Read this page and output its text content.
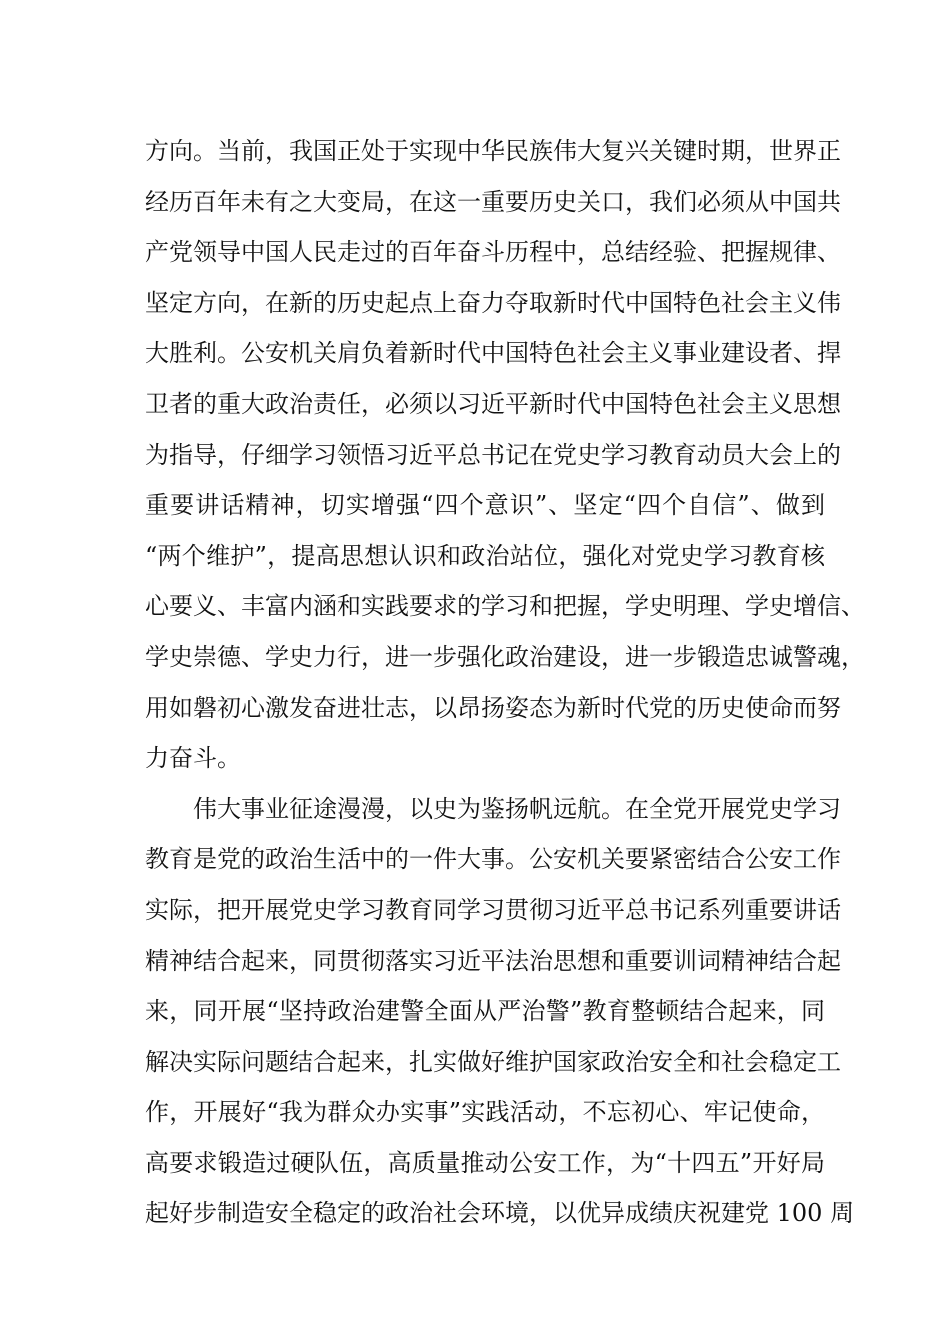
方向。当前，我国正处于实现中华民族伟大复兴关键时期，世界正
经历百年未有之大变局，在这一重要历史关口，我们必须从中国共
产党领导中国人民走过的百年奋斗历程中，总结经验、把握规律、
坚定方向，在新的历史起点上奋力夺取新时代中国特色社会主义伟
大胜利。公安机关肩负着新时代中国特色社会主义事业建设者、捍
卫者的重大政治责任，必须以习近平新时代中国特色社会主义思想
为指导，仔细学习领悟习近平总书记在党史学习教育动员大会上的
重要讲话精神，切实增强“四个意识”、坚定“四个自信”、做到
“两个维护”，提高思想认识和政治站位，强化对党史学习教育核
心要义、丰富内涵和实践要求的学习和把握，学史明理、学史增信、
学史崇德、学史力行，进一步强化政治建设，进一步锻造忠诚警魂，
用如磐初心激发奋进壮志，以昂扬姿态为新时代党的历史使命而努
力奋斗。
伟大事业征途漫漫，以史为鉴扬帆远航。在全党开展党史学习
教育是党的政治生活中的一件大事。公安机关要紧密结合公安工作
实际，把开展党史学习教育同学习贯彻习近平总书记系列重要讲话
精神结合起来，同贯彻落实习近平法治思想和重要训词精神结合起
来，同开展“坚持政治建警全面从严治警”教育整顿结合起来，同
解决实际问题结合起来，扎实做好维护国家政治安全和社会稳定工
作，开展好“我为群众办实事”实践活动，不忘初心、牢记使命，
高要求锻造过硬队伍，高质量推动公安工作，为“十四五”开好局
起好步制造安全稳定的政治社会环境，以优异成绩庆祝建党 100 周
